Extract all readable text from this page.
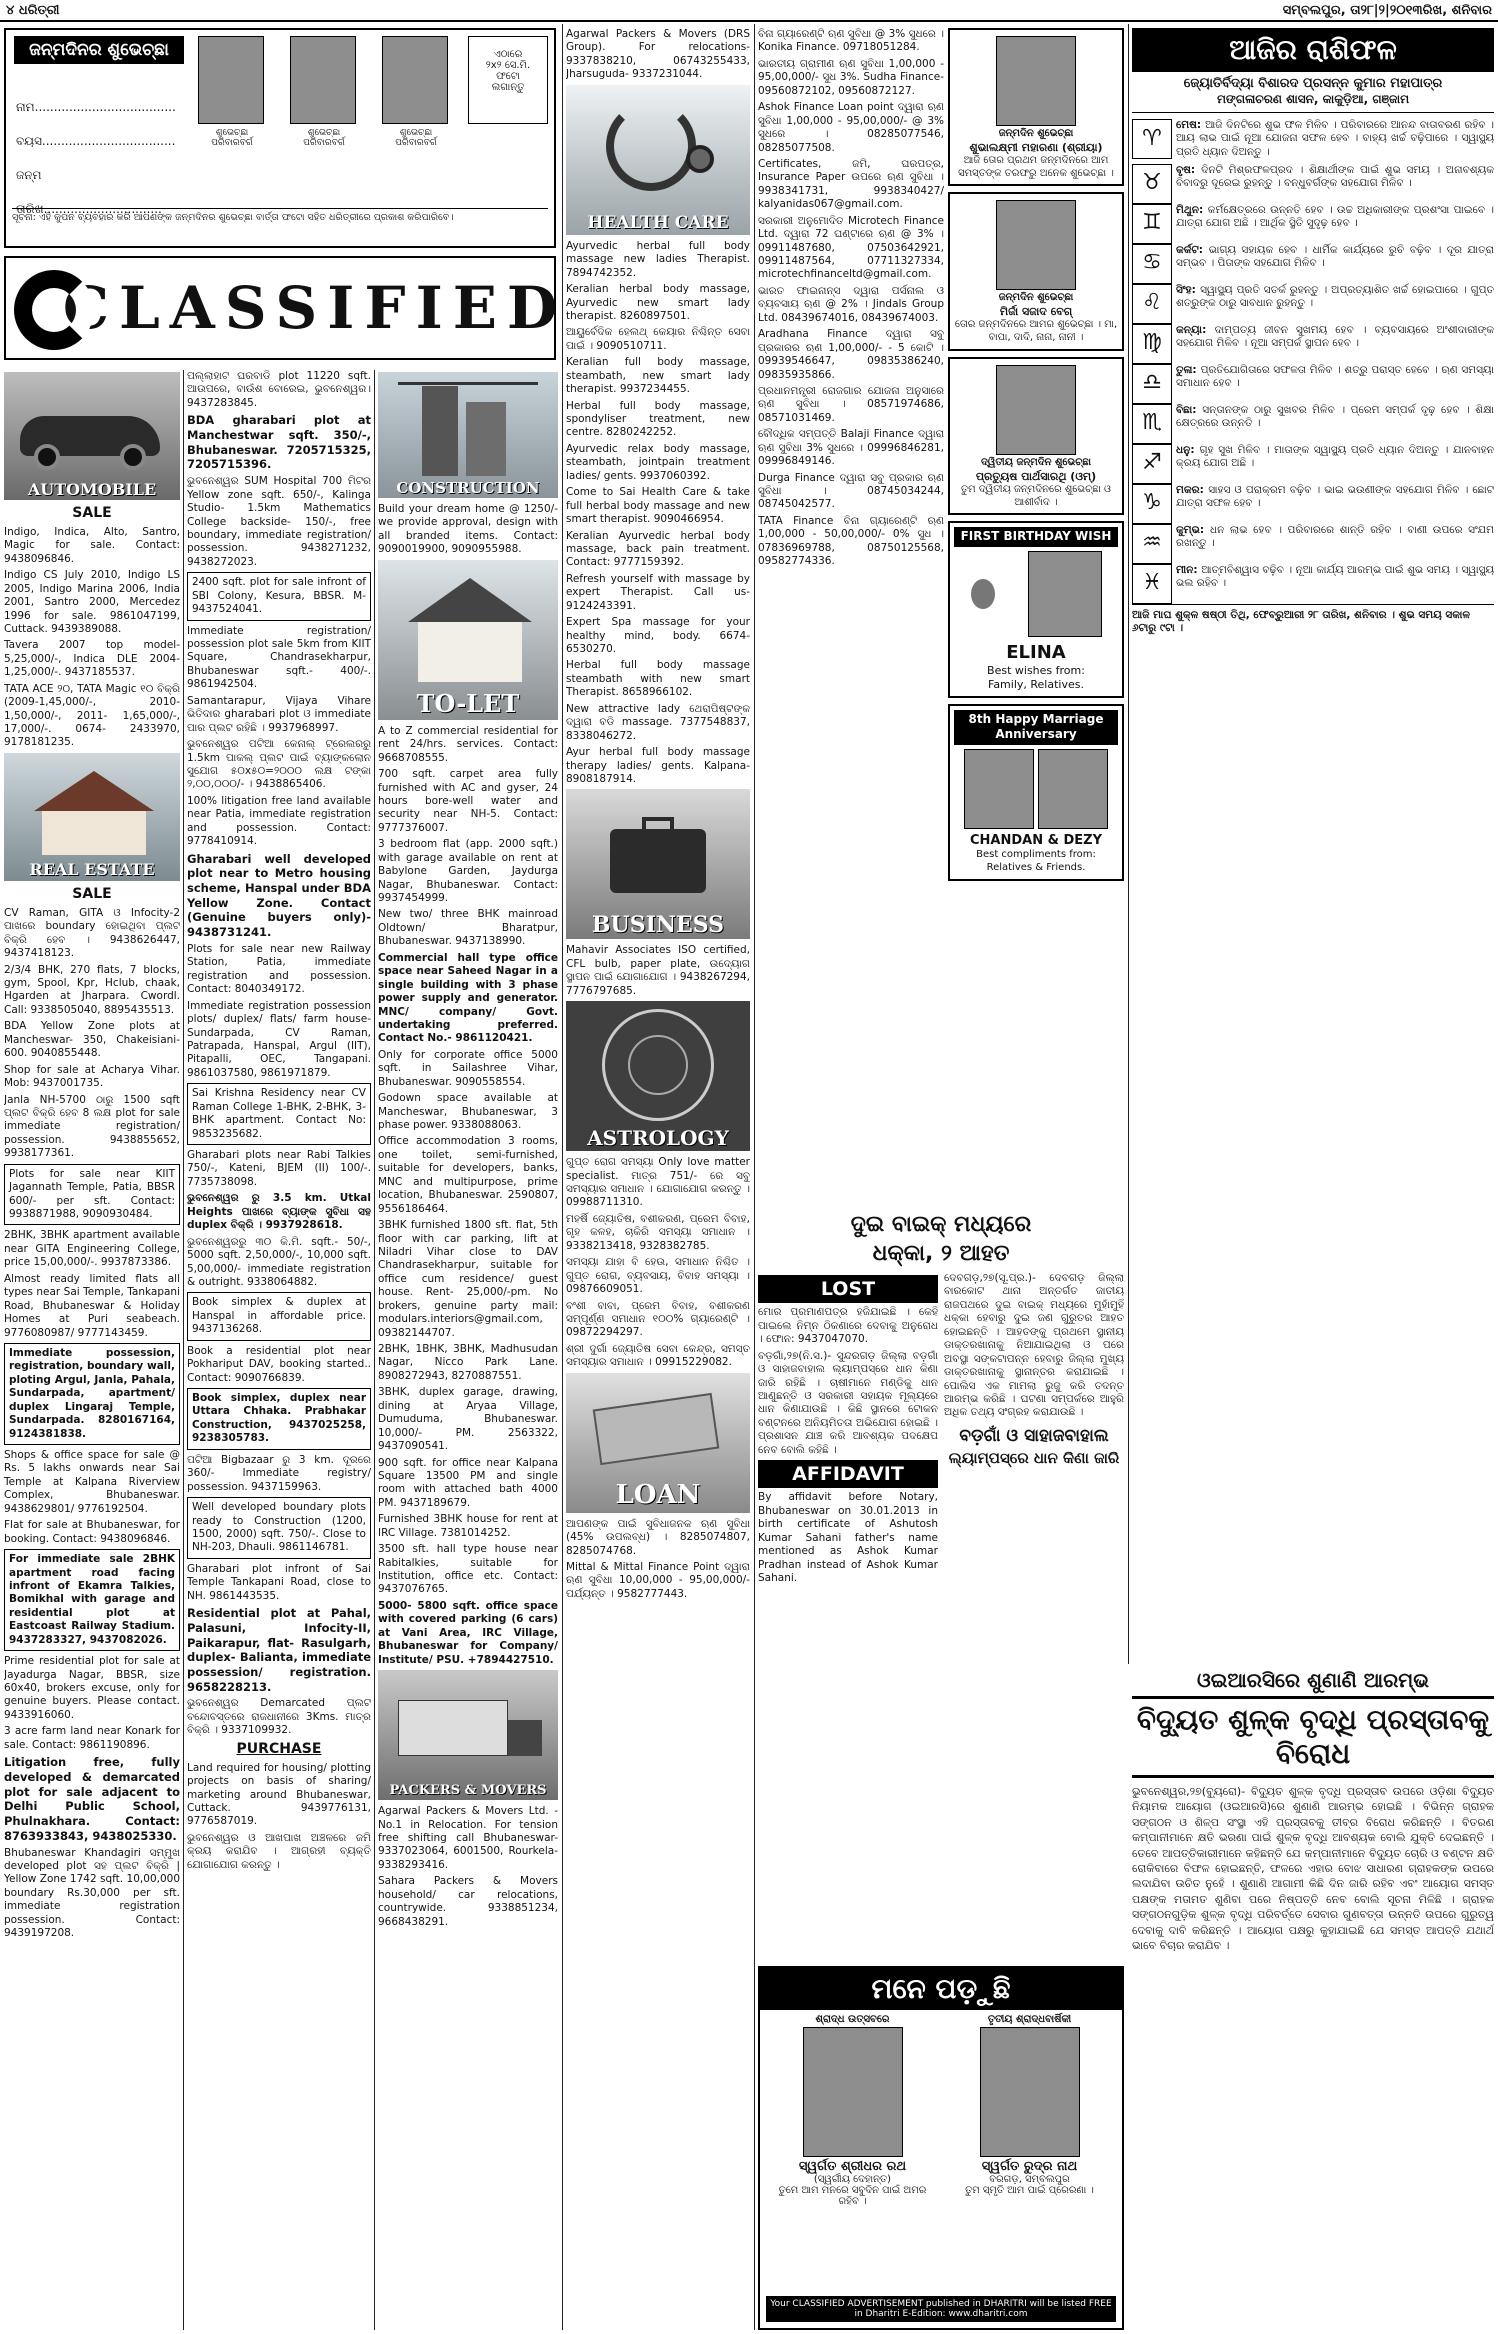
୪ ଧରିତ୍ରୀ	ସମ୍ବଲପୁର, ତା୨୮|୨|୨୦୧୩ରିଖ, ଶନିବାର
ଜନ୍ମଦିନର ଶୁଭେଚ୍ଛା
ନାମ.....................................
ବୟସ...................................
ଜନ୍ମ ତାରିଖ...............................
ଏଠାରେ
୨x୨ ସେ.ମି.
ଫଟୋ
ଲଗାନ୍ତୁ
ଶୁଭେଚ୍ଛା
ପରିବାରବର୍ଗ
ଶୁଭେଚ୍ଛା
ପରିବାରବର୍ଗ
ଶୁଭେଚ୍ଛା
ପରିବାରବର୍ଗ
ସୂଚନା: ଏହି କୁପନ ବ୍ୟବହାର କରି ଆପଣଙ୍କ ଜନ୍ମଦିନର ଶୁଭେଚ୍ଛା ବାର୍ତ୍ତା ଫଟୋ ସହିତ ଧରିତ୍ରୀରେ ପ୍ରକାଶ କରିପାରିବେ।
CLASSIFIED
AUTOMOBILE
SALE
Indigo, Indica, Alto, Santro, Magic for sale. Contact: 9438096846.
Indigo CS July 2010, Indigo LS 2005, Indigo Marina 2006, India 2001, Santro 2000, Mercedez 1996 for sale. 9861047199, Cuttack. 9439389088.
Tavera 2007 top model- 5,25,000/-, Indica DLE 2004- 1,25,000/-. 9437185537.
TATA ACE ୨୦, TATA Magic ୧୦ ବିକ୍ରି (2009-1,45,000/-, 2010- 1,50,000/-, 2011- 1,65,000/-, 17,000/-. 0674- 2433970, 9178181235.
REAL ESTATE
SALE
CV Raman, GITA ଓ Infocity-2 ପାଖରେ boundary ହୋଇଥିବା ପ୍ଲଟ ବିକ୍ରି ହେବ । 9438626447, 9437418123.
2/3/4 BHK, 270 flats, 7 blocks, gym, Spool, Kpr, Hclub, chaak, Hgarden at Jharpara. Cwordl. Call: 9338505040, 8895435513.
BDA Yellow Zone plots at Mancheswar- 350, Chakeisiani- 600. 9040855448.
Shop for sale at Acharya Vihar. Mob: 9437001735.
Janla NH-5700 ଠାରୁ 1500 sqft ପ୍ଲଟ ବିକ୍ରି ହେବ 8 ଲକ୍ଷ plot for sale immediate registration/ possession. 9438855652, 9938177361.
Plots for sale near KIIT Jagannath Temple, Patia, BBSR 600/- per sft. Contact: 9938871988, 9090930484.
2BHK, 3BHK apartment available near GITA Engineering College, price 15,00,000/-. 9937873386.
Almost ready limited flats all types near Sai Temple, Tankapani Road, Bhubaneswar & Holiday Homes at Puri seabeach. 9776080987/ 9777143459.
Immediate possession, registration, boundary wall, ploting Argul, Janla, Pahala, Sundarpada, apartment/ duplex Lingaraj Temple, Sundarpada. 8280167164, 9124381838.
Shops & office space for sale @ Rs. 5 lakhs onwards near Sai Temple at Kalpana Riverview Complex, Bhubaneswar. 9438629801/ 9776192504.
Flat for sale at Bhubaneswar, for booking. Contact: 9438096846.
For immediate sale 2BHK apartment road facing infront of Ekamra Talkies, Bomikhal with garage and residential plot at Eastcoast Railway Stadium. 9437283327, 9437082026.
Prime residential plot for sale at Jayadurga Nagar, BBSR, size 60x40, brokers excuse, only for genuine buyers. Please contact. 9433916060.
3 acre farm land near Konark for sale. Contact: 9861190896.
Litigation free, fully developed & demarcated plot for sale adjacent to Delhi Public School, Phulnakhara. Contact: 8763933843, 9438025330.
Bhubaneswar Khandagiri ସମ୍ମୁଖ developed plot ସହ ପ୍ଲଟ ବିକ୍ରି | Yellow Zone 1742 sqft. 10,00,000 boundary Rs.30,000 per sft. immediate registration possession. Contact: 9439197208.
ପଲ୍ଲାହାଟ ଘରବାଡି plot 11220 sqft. ଆଉପରେ, ବାଉଁଶ ବୋରେଇ, ଭୁବନେଶ୍ୱର। 9437283845.
BDA gharabari plot at Manchestwar sqft. 350/-, Bhubaneswar. 7205715325, 7205715396.
ଭୁବନେଶ୍ୱର SUM Hospital 700 ମିଟର Yellow zone sqft. 650/-, Kalinga Studio- 1.5km Mathematics College backside- 150/-, free boundary, immediate registration/ possession. 9438271232, 9438272023.
2400 sqft. plot for sale infront of SBI Colony, Kesura, BBSR. M- 9437524041.
Immediate registration/ possession plot sale 5km from KIIT Square, Chandrasekharpur, Bhubaneswar sqft.- 400/-. 9861942504.
Samantarapur, Vijaya Vihare ଭିତିଦାର gharabari plot ଓ immediate ପାର ପ୍ଲଟ ରହିଛି । 9937968997.
ଭୁବନେଶ୍ୱର ପଟିଆ କେନାଲ୍ ଟ୍ରେଲରରୁ 1.5km ପାକଲ୍ ପ୍ଲଟ ପାଇଁ ବ୍ୟାଙ୍କଲୋନ ସୁଯୋଗ ୫୦x୫୦=୨୦୦୦ ଲକ୍ଷ ଟଙ୍କା ୨,୦୦,୦୦୦/- । 9438865406.
100% litigation free land available near Patia, immediate registration and possession. Contact: 9778410914.
Gharabari well developed plot near to Metro housing scheme, Hanspal under BDA Yellow Zone. Contact (Genuine buyers only)- 9438731241.
Plots for sale near new Railway Station, Patia, immediate registration and possession. Contact: 8040349172.
Immediate registration possession plots/ duplex/ flats/ farm house- Sundarpada, CV Raman, Patrapada, Hanspal, Argul (IIT), Pitapalli, OEC, Tangapani. 9861037580, 9861971879.
Sai Krishna Residency near CV Raman College 1-BHK, 2-BHK, 3-BHK apartment. Contact No: 9853235682.
Gharabari plots near Rabi Talkies 750/-, Kateni, BJEM (II) 100/-. 7735738098.
ଭୁବନେଶ୍ୱର ରୁ 3.5 km. Utkal Heights ପାଖରେ ବ୍ୟାଙ୍କ ସୁବିଧା ସହ duplex ବିକ୍ରି । 9937928618.
ଭୁବନେଶ୍ୱରରୁ ୩୦ କି.ମି. sqft.- 50/-, 5000 sqft. 2,50,000/-, 10,000 sqft. 5,00,000/- immediate registration & outright. 9338064882.
Book simplex & duplex at Hanspal in affordable price. 9437136268.
Book a residential plot near Pokhariput DAV, booking started.. Contact: 9090766839.
Book simplex, duplex near Uttara Chhaka. Prabhakar Construction, 9437025258, 9238305783.
ପଟିଆ Bigbazaar ରୁ 3 km. ଦୂରରେ 360/- Immediate registry/ possession. 9437159963.
Well developed boundary plots ready to Construction (1200, 1500, 2000) sqft. 750/-. Close to NH-203, Dhauli. 9861146781.
Gharabari plot infront of Sai Temple Tankapani Road, close to NH. 9861443535.
Residential plot at Pahal, Palasuni, Infocity-II, Paikarapur, flat- Rasulgarh, duplex- Balianta, immediate possession/ registration. 9658228213.
ଭୁବନେଶ୍ୱର Demarcated ପ୍ଲଟ ବନ୍ଦୋବସ୍ତରେ ରାଜଧାନୀରେ 3Kms. ମାତ୍ର ବିକ୍ରି । 9337109932.
PURCHASE
Land required for housing/ plotting projects on basis of sharing/ marketing around Bhubaneswar, Cuttack. 9439776131, 9776587019.
ଭୁବନେଶ୍ୱର ଓ ଆଖପାଖ ଅଞ୍ଚଳରେ ଜମି କ୍ରୟ କରାଯିବ । ଆଗ୍ରହୀ ବ୍ୟକ୍ତି ଯୋଗାଯୋଗ କରନ୍ତୁ ।
CONSTRUCTION
Build your dream home @ 1250/- we provide approval, design with all branded items. Contact: 9090019900, 9090955988.
TO-LET
A to Z commercial residential for rent 24/hrs. services. Contact: 9668708555.
700 sqft. carpet area fully furnished with AC and gyser, 24 hours bore-well water and security near NH-5. Contact: 9777376007.
3 bedroom flat (app. 2000 sqft.) with garage available on rent at Babylone Garden, Jaydurga Nagar, Bhubaneswar. Contact: 9937454999.
New two/ three BHK mainroad Oldtown/ Bharatpur, Bhubaneswar. 9437138990.
Commercial hall type office space near Saheed Nagar in a single building with 3 phase power supply and generator. MNC/ company/ Govt. undertaking preferred. Contact No.- 9861120421.
Only for corporate office 5000 sqft. in Sailashree Vihar, Bhubaneswar. 9090558554.
Godown space available at Mancheswar, Bhubaneswar, 3 phase power. 9338088063.
Office accommodation 3 rooms, one toilet, semi-furnished, suitable for developers, banks, MNC and multipurpose, prime location, Bhubaneswar. 2590807, 9556186464.
3BHK furnished 1800 sft. flat, 5th floor with car parking, lift at Niladri Vihar close to DAV Chandrasekharpur, suitable for office cum residence/ guest house. Rent- 25,000/-pm. No brokers, genuine party mail: modulars.interiors@gmail.com, 09382144707.
2BHK, 1BHK, 3BHK, Madhusudan Nagar, Nicco Park Lane. 8908272943, 8270887551.
3BHK, duplex garage, drawing, dining at Aryaa Village, Dumuduma, Bhubaneswar. 10,000/- PM. 2563322, 9437090541.
900 sqft. for office near Kalpana Square 13500 PM and single room with attached bath 4000 PM. 9437189679.
Furnished 3BHK house for rent at IRC Village. 7381014252.
3500 sft. hall type house near Rabitalkies, suitable for Institution, office etc. Contact: 9437076765.
5000- 5800 sqft. office space with covered parking (6 cars) at Vani Area, IRC Village, Bhubaneswar for Company/ Institute/ PSU. +7894427510.
PACKERS & MOVERS
Agarwal Packers & Movers Ltd. - No.1 in Relocation. For tension free shifting call Bhubaneswar- 9337023064, 6001500, Rourkela-9338293416.
Sahara Packers & Movers household/ car relocations, countrywide. 9338851234, 9668438291.
Agarwal Packers & Movers (DRS Group). For relocations- 9337838210, 06743255433, Jharsuguda- 9337231044.
HEALTH CARE
Ayurvedic herbal full body massage new ladies Therapist. 7894742352.
Keralian herbal body massage, Ayurvedic new smart lady therapist. 8260897501.
ଆୟୁର୍ବେଦିକ ହେଲଥ୍ କେୟାର ନିଶ୍ଚିନ୍ତ ସେବା ପାଇଁ । 9090510711.
Keralian full body massage, steambath, new smart lady therapist. 9937234455.
Herbal full body massage, spondyliser treatment, new centre. 8280242252.
Ayurvedic relax body massage, steambath, jointpain treatment ladies/ gents. 9937060392.
Come to Sai Health Care & take full herbal body massage and new smart therapist. 9090466954.
Keralian Ayurvedic herbal body massage, back pain treatment. Contact: 9777159392.
Refresh yourself with massage by expert Therapist. Call us- 9124243391.
Expert Spa massage for your healthy mind, body. 6674-6530270.
Herbal full body massage steambath with new smart Therapist. 8658966102.
New attractive lady ଥେରାପିଷ୍ଟଙ୍କ ଦ୍ୱାରା ବଡି massage. 7377548837, 8338046272.
Ayur herbal full body massage therapy ladies/ gents. Kalpana- 8908187914.
BUSINESS
Mahavir Associates ISO certified, CFL bulb, paper plate, ଉଦ୍ୟୋଗ ସ୍ଥାପନ ପାଇଁ ଯୋଗାଯୋଗ । 9438267294, 7776797685.
ASTROLOGY
ଗୁପ୍ତ ରୋଗ ସମସ୍ୟା Only love matter specialist. ମାତ୍ର 751/- ରେ ସବୁ ସମସ୍ୟାର ସମାଧାନ । ଯୋଗାଯୋଗ କରନ୍ତୁ । 09988711310.
ମହର୍ଷି ଜ୍ୟୋତିଷ, ବଶୀକରଣ, ପ୍ରେମ ବିବାହ, ଗୃହ କଳହ, ଚାକିରି ସମସ୍ୟା ସମାଧାନ । 9338213418, 9328382785.
ସମସ୍ୟା ଯାହା ବି ହେଉ, ସମାଧାନ ନିଶ୍ଚିତ । ଗୁପ୍ତ ରୋଗ, ବ୍ୟବସାୟ, ବିବାହ ସମସ୍ୟା । 09876609051.
ବଂଶୀ ବାବା, ପ୍ରେମ ବିବାହ, ବଶୀକରଣ ସମ୍ପୂର୍ଣ୍ଣ ସମାଧାନ ୧୦୦% ଗ୍ୟାରେଣ୍ଟି । 09872294297.
ଶ୍ରୀ ଦୁର୍ଗା ଜ୍ୟୋତିଷ ସେବା କେନ୍ଦ୍ର, ସମସ୍ତ ସମସ୍ୟାର ସମାଧାନ । 09915229082.
LOAN
ଆପଣଙ୍କ ପାଇଁ ସୁବିଧାଜନକ ଋଣ ସୁବିଧା (45% ଉପଲବ୍ଧ) । 8285074807, 8285074768.
Mittal & Mittal Finance Point ଦ୍ୱାରା ଋଣ ସୁବିଧା 10,00,000 - 95,00,000/- ପର୍ଯ୍ୟନ୍ତ । 9582777443.
ବିନା ଗ୍ୟାରେଣ୍ଟି ଋଣ ସୁବିଧା @ 3% ସୁଧରେ । Konika Finance. 09718051284.
ଭାରତୀୟ ଗ୍ରାମୀଣ ଋଣ ସୁବିଧା 1,00,000 - 95,00,000/- ସୁଧ 3%. Sudha Finance- 09560872102, 09560872127.
Ashok Finance Loan point ଦ୍ୱାରା ଋଣ ସୁବିଧା 1,00,000 - 95,00,000/- @ 3% ସୁଧରେ । 08285077546, 08285077508.
Certificates, ଜମି, ଘରପତ୍ର, Insurance Paper ଉପରେ ଋଣ ସୁବିଧା । 9938341731, 9938340427/ kalyanidas067@gmail.com.
ସରକାରୀ ଅନୁମୋଦିତ Microtech Finance Ltd. ଦ୍ୱାରା 72 ଘଣ୍ଟାରେ ଋଣ @ 3% । 09911487680, 07503642921, 09911487564, 07711327334, microtechfinanceltd@gmail.com.
ଭାରତ ଫାଇନାନ୍ସ ଦ୍ୱାରା ପର୍ସନାଲ ଓ ବ୍ୟବସାୟ ଋଣ @ 2% । Jindals Group Ltd. 08439674016, 08439674003.
Aradhana Finance ଦ୍ୱାରା ସବୁ ପ୍ରକାରର ଋଣ 1,00,000/- - 5 କୋଟି । 09939546647, 09835386240, 09835935866.
ପ୍ରଧାନମନ୍ତ୍ରୀ ରୋଜଗାର ଯୋଜନା ଅନୁସାରେ ଋଣ ସୁବିଧା । 08571974686, 08571031469.
ବୌଦ୍ଧିକ ସମ୍ପତ୍ତି Balaji Finance ଦ୍ୱାରା ଋଣ ସୁବିଧା 3% ସୁଧରେ । 09996846281, 09996849146.
Durga Finance ଦ୍ୱାରା ସବୁ ପ୍ରକାର ଋଣ ସୁବିଧା । 08745034244, 08745042577.
TATA Finance ବିନା ଗ୍ୟାରେଣ୍ଟି ଋଣ 1,00,000 - 50,00,000/- 0% ସୁଧ । 07836969788, 08750125568, 09582774336.
ଜନ୍ମଦିନ ଶୁଭେଚ୍ଛା
ଶୁଭାଲକ୍ଷ୍ମୀ ମହାରଣା (ଶ୍ରୀୟା)
ଆଜି ତୋର ପ୍ରଥମ ଜନ୍ମଦିନରେ ଆମ ସମସ୍ତଙ୍କ ତରଫରୁ ଅନେକ ଶୁଭେଚ୍ଛା ।
ଜନ୍ମଦିନ ଶୁଭେଚ୍ଛା
ମିର୍ଜା ସଜାଦ ବେଗ୍
ତୋର ଜନ୍ମଦିନରେ ଆମର ଶୁଭେଚ୍ଛା । ମା, ବାପା, ଦାଦି, ନାନା, ନାନୀ ।
ଦ୍ୱିତୀୟ ଜନ୍ମଦିନ ଶୁଭେଚ୍ଛା
ପ୍ରତ୍ୟୁଷ ପାର୍ଥସାରଥି (ଓମ୍)
ତୁମ ଦ୍ୱିତୀୟ ଜନ୍ମଦିନରେ ଶୁଭେଚ୍ଛା ଓ ଆଶୀର୍ବାଦ ।
FIRST BIRTHDAY WISH
ELINA
Best wishes from:
Family, Relatives.
8th Happy Marriage Anniversary
CHANDAN & DEZY
Best compliments from: Relatives & Friends.
ଦୁଇ ବାଇକ୍ ମଧ୍ୟରେ
ଧକ୍କା, ୨ ଆହତ
LOST
ମୋର ପ୍ରମାଣପତ୍ର ହଜିଯାଇଛି । କେହି ପାଇଲେ ନିମ୍ନ ଠିକଣାରେ ଦେବାକୁ ଅନୁରୋଧ । ଫୋନ: 9437047070.
ବଡ଼ଗାଁ,୨୭(ନି.ସ.)- ସୁନ୍ଦରଗଡ଼ ଜିଲ୍ଲା ବଡ଼ଗାଁ ଓ ସାହାଜବାହାଲ ଲ୍ୟାମ୍ପସ୍‌ରେ ଧାନ କିଣା ଜାରି ରହିଛି । ଚାଷୀମାନେ ମଣ୍ଡିକୁ ଧାନ ଆଣୁଛନ୍ତି ଓ ସରକାରୀ ସହାୟକ ମୂଲ୍ୟରେ ଧାନ କିଣାଯାଉଛି । କିଛି ସ୍ଥାନରେ ଟୋକନ ବଣ୍ଟନରେ ଅନିୟମିତତା ଅଭିଯୋଗ ହୋଇଛି । ପ୍ରଶାସନ ଯାଞ୍ଚ କରି ଆବଶ୍ୟକ ପଦକ୍ଷେପ ନେବ ବୋଲି କହିଛି ।
AFFIDAVIT
By affidavit before Notary, Bhubaneswar on 30.01.2013 in birth certificate of Ashutosh Kumar Sahani father's name mentioned as Ashok Kumar Pradhan instead of Ashok Kumar Sahani.
ଦେବଗଡ଼,୨୭(ସୂ.ପ୍ର.)- ଦେବଗଡ଼ ଜିଲ୍ଲା ବାରକୋଟ ଥାନା ଅନ୍ତର୍ଗତ ଜାତୀୟ ରାଜପଥରେ ଦୁଇ ବାଇକ୍ ମଧ୍ୟରେ ମୁହାଁମୁହିଁ ଧକ୍କା ହେବାରୁ ଦୁଇ ଜଣ ଗୁରୁତର ଆହତ ହୋଇଛନ୍ତି । ଆହତଙ୍କୁ ପ୍ରଥମେ ସ୍ଥାନୀୟ ଡାକ୍ତରଖାନାକୁ ନିଆଯାଇଥିଲା ଓ ପରେ ଅବସ୍ଥା ସଙ୍କଟାପନ୍ନ ହେବାରୁ ଜିଲ୍ଲା ମୁଖ୍ୟ ଡାକ୍ତରଖାନାକୁ ସ୍ଥାନାନ୍ତର କରାଯାଇଛି । ପୋଲିସ ଏକ ମାମଲା ରୁଜୁ କରି ତଦନ୍ତ ଆରମ୍ଭ କରିଛି । ଘଟଣା ସମ୍ପର୍କରେ ଆହୁରି ଅଧିକ ତଥ୍ୟ ସଂଗ୍ରହ କରାଯାଉଛି ।
ବଡ଼ଗାଁ ଓ ସାହାଜବାହାଲ
ଲ୍ୟାମ୍ପସ୍‌ରେ ଧାନ କିଣା ଜାରି
ମନେ ପଡ଼ୁଛି
ଶ୍ରାଦ୍ଧ ଉତ୍ସବରେ
ସ୍ୱର୍ଗତ ଶ୍ରୀଧର ରଥ
(ସ୍ୱର୍ଗୀୟ ଦେହାନ୍ତ)
ତୁମେ ଆମ ମନରେ ସବୁଦିନ ପାଇଁ ଅମର ରହିବ ।
ତୃତୀୟ ଶ୍ରାଦ୍ଧବାର୍ଷିକୀ
ସ୍ୱର୍ଗତ ରୁଦ୍ର ନାଥ
ବରଗଡ଼, ସମ୍ବଲପୁର
ତୁମ ସ୍ମୃତି ଆମ ପାଇଁ ପ୍ରେରଣା ।
Your CLASSIFIED ADVERTISEMENT published in DHARITRI will be listed FREE in Dharitri E-Edition: www.dharitri.com
ଆଜିର ରାଶିଫଳ
ଜ୍ୟୋତିର୍ବିଦ୍ୟା ବିଶାରଦ ପ୍ରସନ୍ନ କୁମାର ମହାପାତ୍ର
ମଙ୍ଗଳାଚରଣ ଶାସନ, କାକୁଡ଼ିଆ, ଗଞ୍ଜାମ
♈
ମେଷ: ଆଜି ଦିନଟିରେ ଶୁଭ ଫଳ ମିଳିବ । ପରିବାରରେ ଆନନ୍ଦ ବାତାବରଣ ରହିବ । ଆୟ ଲାଭ ପାଇଁ ନୂଆ ଯୋଜନା ସଫଳ ହେବ । ବାହ୍ୟ ଖର୍ଚ୍ଚ ବଢ଼ିପାରେ । ସ୍ୱାସ୍ଥ୍ୟ ପ୍ରତି ଧ୍ୟାନ ଦିଅନ୍ତୁ ।
♉
ବୃଷ: ଦିନଟି ମିଶ୍ରଫଳପ୍ରଦ । ଶିକ୍ଷାର୍ଥୀଙ୍କ ପାଇଁ ଶୁଭ ସମୟ । ଅନାବଶ୍ୟକ ବିବାଦରୁ ଦୂରେଇ ରୁହନ୍ତୁ । ବନ୍ଧୁବର୍ଗଙ୍କ ସହଯୋଗ ମିଳିବ ।
♊
ମିଥୁନ: କର୍ମକ୍ଷେତ୍ରରେ ଉନ୍ନତି ହେବ । ଉଚ୍ଚ ଅଧିକାରୀଙ୍କ ପ୍ରଶଂସା ପାଇବେ । ଯାତ୍ରା ଯୋଗ ଅଛି । ଆର୍ଥିକ ସ୍ଥିତି ସୁଦୃଢ଼ ହେବ ।
♋
କର୍କଟ: ଭାଗ୍ୟ ସହାୟକ ହେବ । ଧାର୍ମିକ କାର୍ଯ୍ୟରେ ରୁଚି ବଢ଼ିବ । ଦୂର ଯାତ୍ରା ସମ୍ଭବ । ପିତାଙ୍କ ସହଯୋଗ ମିଳିବ ।
♌
ସିଂହ: ସ୍ୱାସ୍ଥ୍ୟ ପ୍ରତି ସତର୍କ ରୁହନ୍ତୁ । ଅପ୍ରତ୍ୟାଶିତ ଖର୍ଚ୍ଚ ହୋଇପାରେ । ଗୁପ୍ତ ଶତ୍ରୁଙ୍କ ଠାରୁ ସାବଧାନ ରୁହନ୍ତୁ ।
♍
କନ୍ୟା: ଦାମ୍ପତ୍ୟ ଜୀବନ ସୁଖମୟ ହେବ । ବ୍ୟବସାୟରେ ଅଂଶୀଦାରୀଙ୍କ ସହଯୋଗ ମିଳିବ । ନୂଆ ସମ୍ପର୍କ ସ୍ଥାପନ ହେବ ।
♎
ତୁଳା: ପ୍ରତିଯୋଗିତାରେ ସଫଳତା ମିଳିବ । ଶତ୍ରୁ ପରାସ୍ତ ହେବେ । ଋଣ ସମସ୍ୟା ସମାଧାନ ହେବ ।
♏
ବିଛା: ସନ୍ତାନଙ୍କ ଠାରୁ ସୁଖବର ମିଳିବ । ପ୍ରେମ ସମ୍ପର୍କ ଦୃଢ଼ ହେବ । ଶିକ୍ଷା କ୍ଷେତ୍ରରେ ଉନ୍ନତି ।
♐
ଧନୁ: ଗୃହ ସୁଖ ମିଳିବ । ମାତାଙ୍କ ସ୍ୱାସ୍ଥ୍ୟ ପ୍ରତି ଧ୍ୟାନ ଦିଅନ୍ତୁ । ଯାନବାହନ କ୍ରୟ ଯୋଗ ଅଛି ।
♑
ମକର: ସାହସ ଓ ପରାକ୍ରମ ବଢ଼ିବ । ଭାଇ ଭଉଣୀଙ୍କ ସହଯୋଗ ମିଳିବ । ଛୋଟ ଯାତ୍ରା ସଫଳ ହେବ ।
♒
କୁମ୍ଭ: ଧନ ଲାଭ ହେବ । ପରିବାରରେ ଶାନ୍ତି ରହିବ । ବାଣୀ ଉପରେ ସଂଯମ ରଖନ୍ତୁ ।
♓
ମୀନ: ଆତ୍ମବିଶ୍ୱାସ ବଢ଼ିବ । ନୂଆ କାର୍ଯ୍ୟ ଆରମ୍ଭ ପାଇଁ ଶୁଭ ସମୟ । ସ୍ୱାସ୍ଥ୍ୟ ଭଲ ରହିବ ।
ଆଜି ମାଘ ଶୁକ୍ଳ ଷଷ୍ଠୀ ତିଥି, ଫେବ୍ରୁଆରୀ ୨୮ ତାରିଖ, ଶନିବାର । ଶୁଭ ସମୟ ସକାଳ ୬ଟାରୁ ୯ଟା ।
ଓଇଆରସିରେ ଶୁଣାଣି ଆରମ୍ଭ
ବିଦ୍ୟୁତ ଶୁଳ୍କ ବୃଦ୍ଧି ପ୍ରସ୍ତାବକୁ ବିରୋଧ
ଭୁବନେଶ୍ୱର,୨୭(ବ୍ୟୁରୋ)- ବିଦ୍ୟୁତ ଶୁଳ୍କ ବୃଦ୍ଧି ପ୍ରସ୍ତାବ ଉପରେ ଓଡ଼ିଶା ବିଦ୍ୟୁତ ନିୟାମକ ଆୟୋଗ (ଓଇଆରସି)ରେ ଶୁଣାଣି ଆରମ୍ଭ ହୋଇଛି । ବିଭିନ୍ନ ଗ୍ରାହକ ସଙ୍ଗଠନ ଓ ଶିଳ୍ପ ସଂସ୍ଥା ଏହି ପ୍ରସ୍ତାବକୁ ତୀବ୍ର ବିରୋଧ କରିଛନ୍ତି । ବିତରଣ କମ୍ପାନୀମାନେ କ୍ଷତି ଭରଣା ପାଇଁ ଶୁଳ୍କ ବୃଦ୍ଧି ଆବଶ୍ୟକ ବୋଲି ଯୁକ୍ତି ଦେଇଛନ୍ତି । ତେବେ ଆପତ୍ତିକାରୀମାନେ କହିଛନ୍ତି ଯେ କମ୍ପାନୀମାନେ ବିଦ୍ୟୁତ ଚୋରି ଓ ବଣ୍ଟନ କ୍ଷତି ରୋକିବାରେ ବିଫଳ ହୋଇଛନ୍ତି, ଫଳରେ ଏହାର ବୋଝ ସାଧାରଣ ଗ୍ରାହକଙ୍କ ଉପରେ ଲଦାଯିବା ଉଚିତ ନୁହେଁ । ଶୁଣାଣି ଆଗାମୀ କିଛି ଦିନ ଜାରି ରହିବ ଏବଂ ଆୟୋଗ ସମସ୍ତ ପକ୍ଷଙ୍କ ମତାମତ ଶୁଣିବା ପରେ ନିଷ୍ପତ୍ତି ନେବ ବୋଲି ସୂଚନା ମିଳିଛି । ଗ୍ରାହକ ସଙ୍ଗଠନଗୁଡ଼ିକ ଶୁଳ୍କ ବୃଦ୍ଧି ପରିବର୍ତ୍ତେ ସେବାର ଗୁଣବତ୍ତା ଉନ୍ନତି ଉପରେ ଗୁରୁତ୍ୱ ଦେବାକୁ ଦାବି କରିଛନ୍ତି । ଆୟୋଗ ପକ୍ଷରୁ କୁହାଯାଇଛି ଯେ ସମସ୍ତ ଆପତ୍ତି ଯଥାର୍ଥ ଭାବେ ବିଚାର କରାଯିବ ।
